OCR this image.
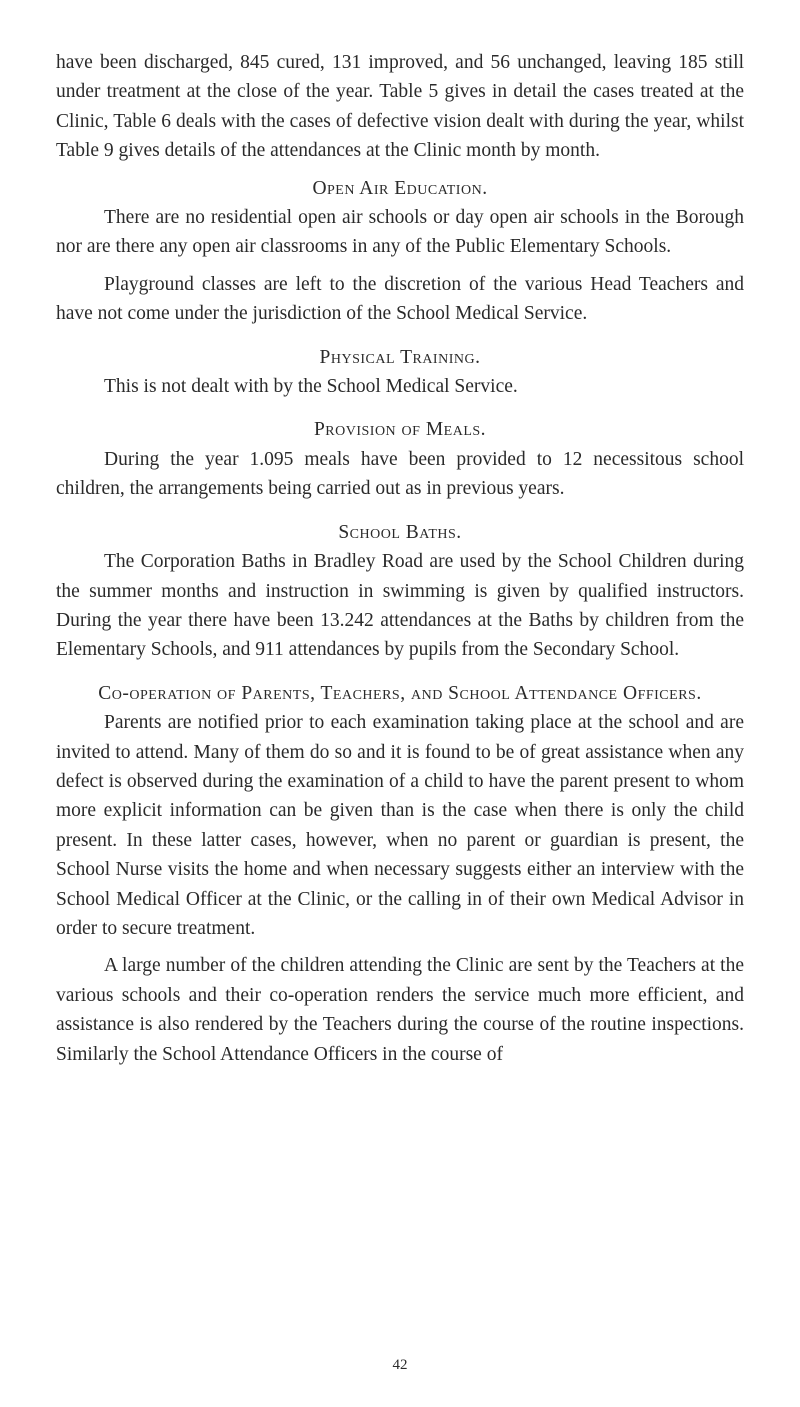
have been discharged, 845 cured, 131 improved, and 56 unchanged, leaving 185 still under treatment at the close of the year. Table 5 gives in detail the cases treated at the Clinic, Table 6 deals with the cases of defective vision dealt with during the year, whilst Table 9 gives details of the attendances at the Clinic month by month.

Open Air Education.

There are no residential open air schools or day open air schools in the Borough nor are there any open air classrooms in any of the Public Elementary Schools.

Playground classes are left to the discretion of the various Head Teachers and have not come under the jurisdiction of the School Medical Service.

Physical Training.

This is not dealt with by the School Medical Service.

Provision of Meals.

During the year 1.095 meals have been provided to 12 necessitous school children, the arrangements being carried out as in previous years.

School Baths.

The Corporation Baths in Bradley Road are used by the School Children during the summer months and instruction in swimming is given by qualified instructors. During the year there have been 13.242 attendances at the Baths by children from the Elementary Schools, and 911 attendances by pupils from the Secondary School.

Co-operation of Parents, Teachers, and School Attendance Officers.

Parents are notified prior to each examination taking place at the school and are invited to attend. Many of them do so and it is found to be of great assistance when any defect is observed during the examination of a child to have the parent present to whom more explicit information can be given than is the case when there is only the child present. In these latter cases, however, when no parent or guardian is present, the School Nurse visits the home and when necessary suggests either an interview with the School Medical Officer at the Clinic, or the calling in of their own Medical Advisor in order to secure treatment.

A large number of the children attending the Clinic are sent by the Teachers at the various schools and their co-operation renders the service much more efficient, and assistance is also rendered by the Teachers during the course of the routine inspections. Similarly the School Attendance Officers in the course of

42
